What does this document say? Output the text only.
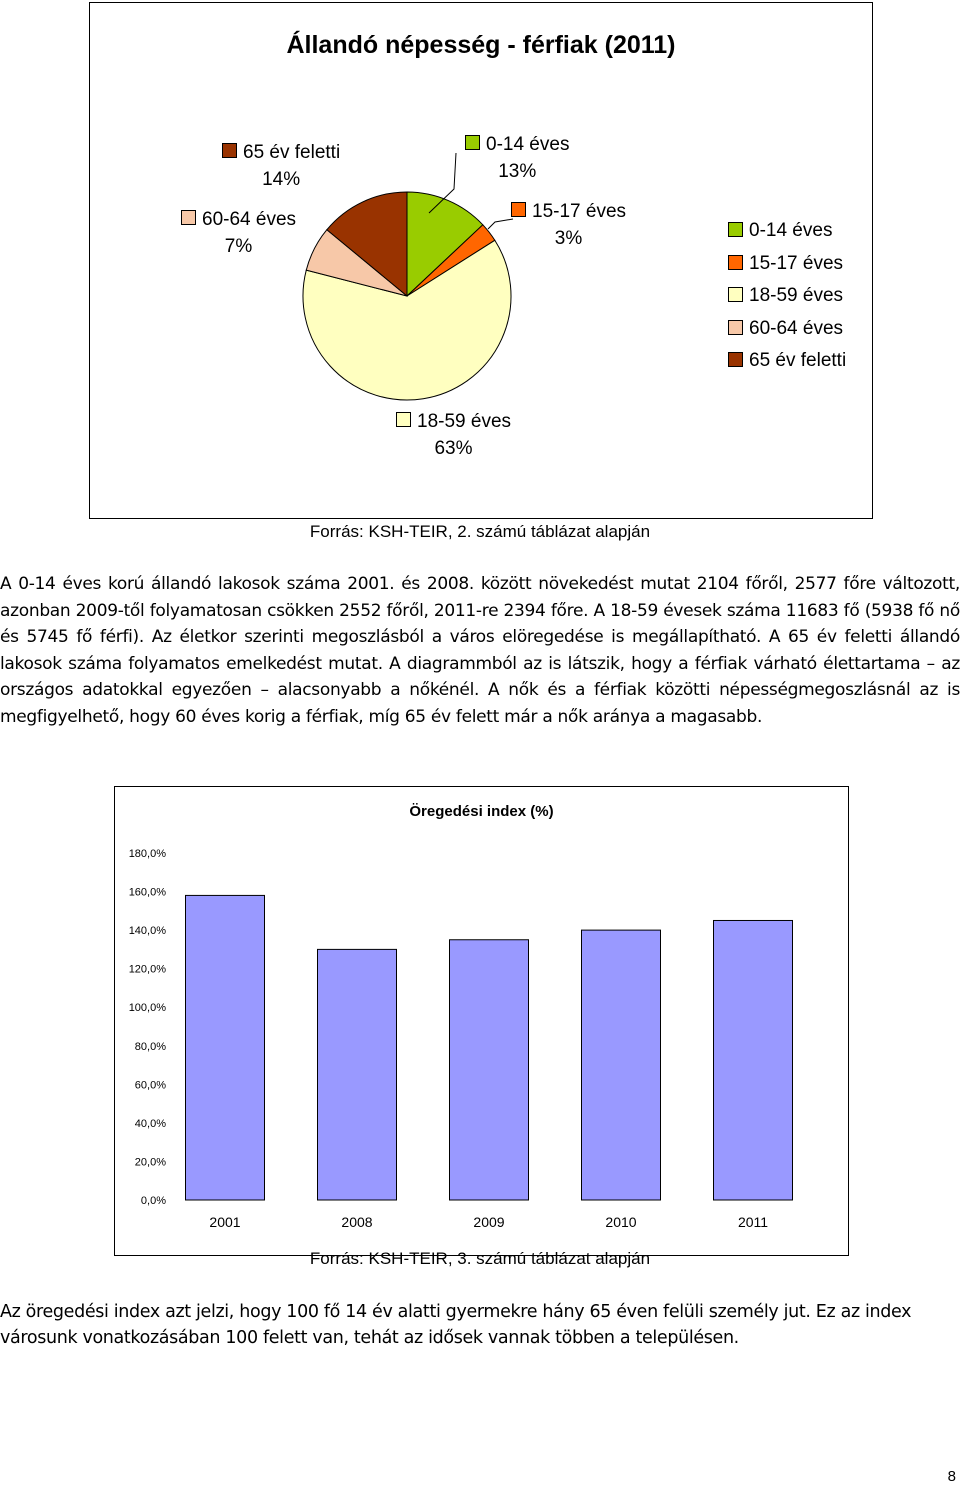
Állandó népesség - férfiak (2011)
65 év feletti
14%
60-64 éves
7%
0-14 éves
13%
15-17 éves
3%
18-59 éves
63%
0-14 éves
15-17 éves
18-59 éves
60-64 éves
65 év feletti
Forrás: KSH-TEIR, 2. számú táblázat alapján
A 0-14 éves korú állandó lakosok száma 2001. és 2008. között növekedést mutat 2104 főről, 2577 főre változott, azonban 2009-től folyamatosan csökken 2552 főről, 2011-re 2394 főre. A 18-59 évesek száma 11683 fő (5938 fő nő és 5745 fő férfi). Az életkor szerinti megoszlásból a város elöregedése is megállapítható. A 65 év feletti állandó lakosok száma folyamatos emelkedést mutat. A diagrammból az is látszik, hogy a férfiak várható élettartama – az országos adatokkal egyezően – alacsonyabb a nőkénél. A nők és a férfiak közötti népességmegoszlásnál az is megfigyelhető, hogy 60 éves korig a férfiak, míg 65 év felett már a nők aránya a magasabb.
Öregedési index (%)
0,0%
20,0%
40,0%
60,0%
80,0%
100,0%
120,0%
140,0%
160,0%
180,0%
2001	2008	2009	2010	2011
Forrás: KSH-TEIR, 3. számú táblázat alapján
Az öregedési index azt jelzi, hogy 100 fő 14 év alatti gyermekre hány 65 éven felüli személy jut. Ez az index városunk vonatkozásában 100 felett van, tehát az idősek vannak többen a településen.
8
